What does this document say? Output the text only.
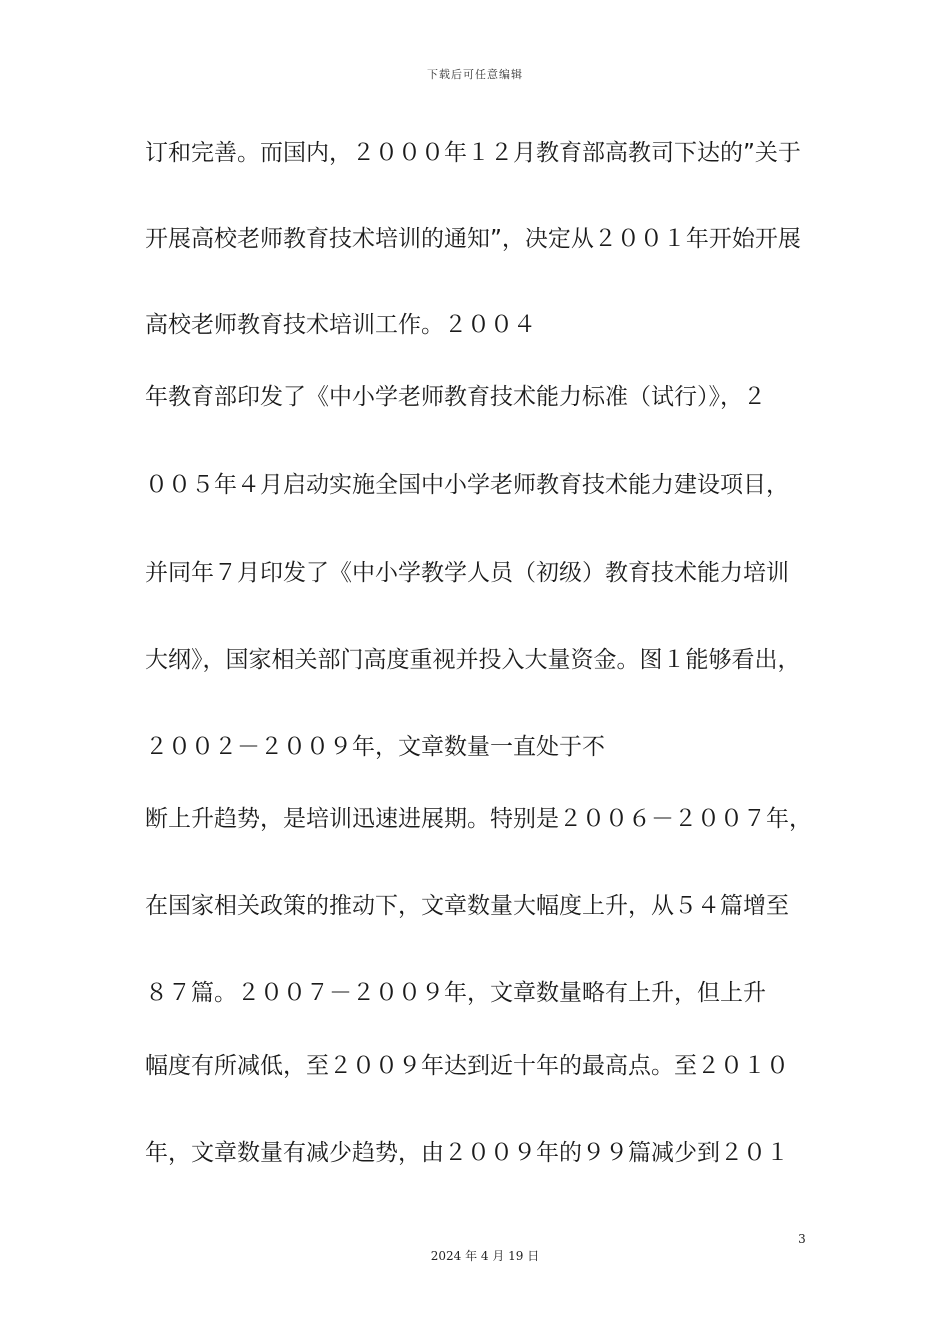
下载后可任意编辑
订和完善。而国内，２０００年１２月教育部高教司下达的”关于
开展高校老师教育技术培训的通知”，决定从２００１年开始开展
高校老师教育技术培训工作。２００４
年教育部印发了《中小学老师教育技术能力标准（试行）》，２
００５年４月启动实施全国中小学老师教育技术能力建设项目，
并同年７月印发了《中小学教学人员（初级）教育技术能力培训
大纲》，国家相关部门高度重视并投入大量资金。图１能够看出，
２００２－２００９年，文章数量一直处于不
断上升趋势，是培训迅速进展期。特别是２００６－２００７年，
在国家相关政策的推动下，文章数量大幅度上升，从５４篇增至
８７篇。２００７－２００９年，文章数量略有上升，但上升
幅度有所减低，至２００９年达到近十年的最高点。至２０１０
年，文章数量有减少趋势，由２００９年的９９篇减少到２０１
3
2024 年 4 月 19 日
